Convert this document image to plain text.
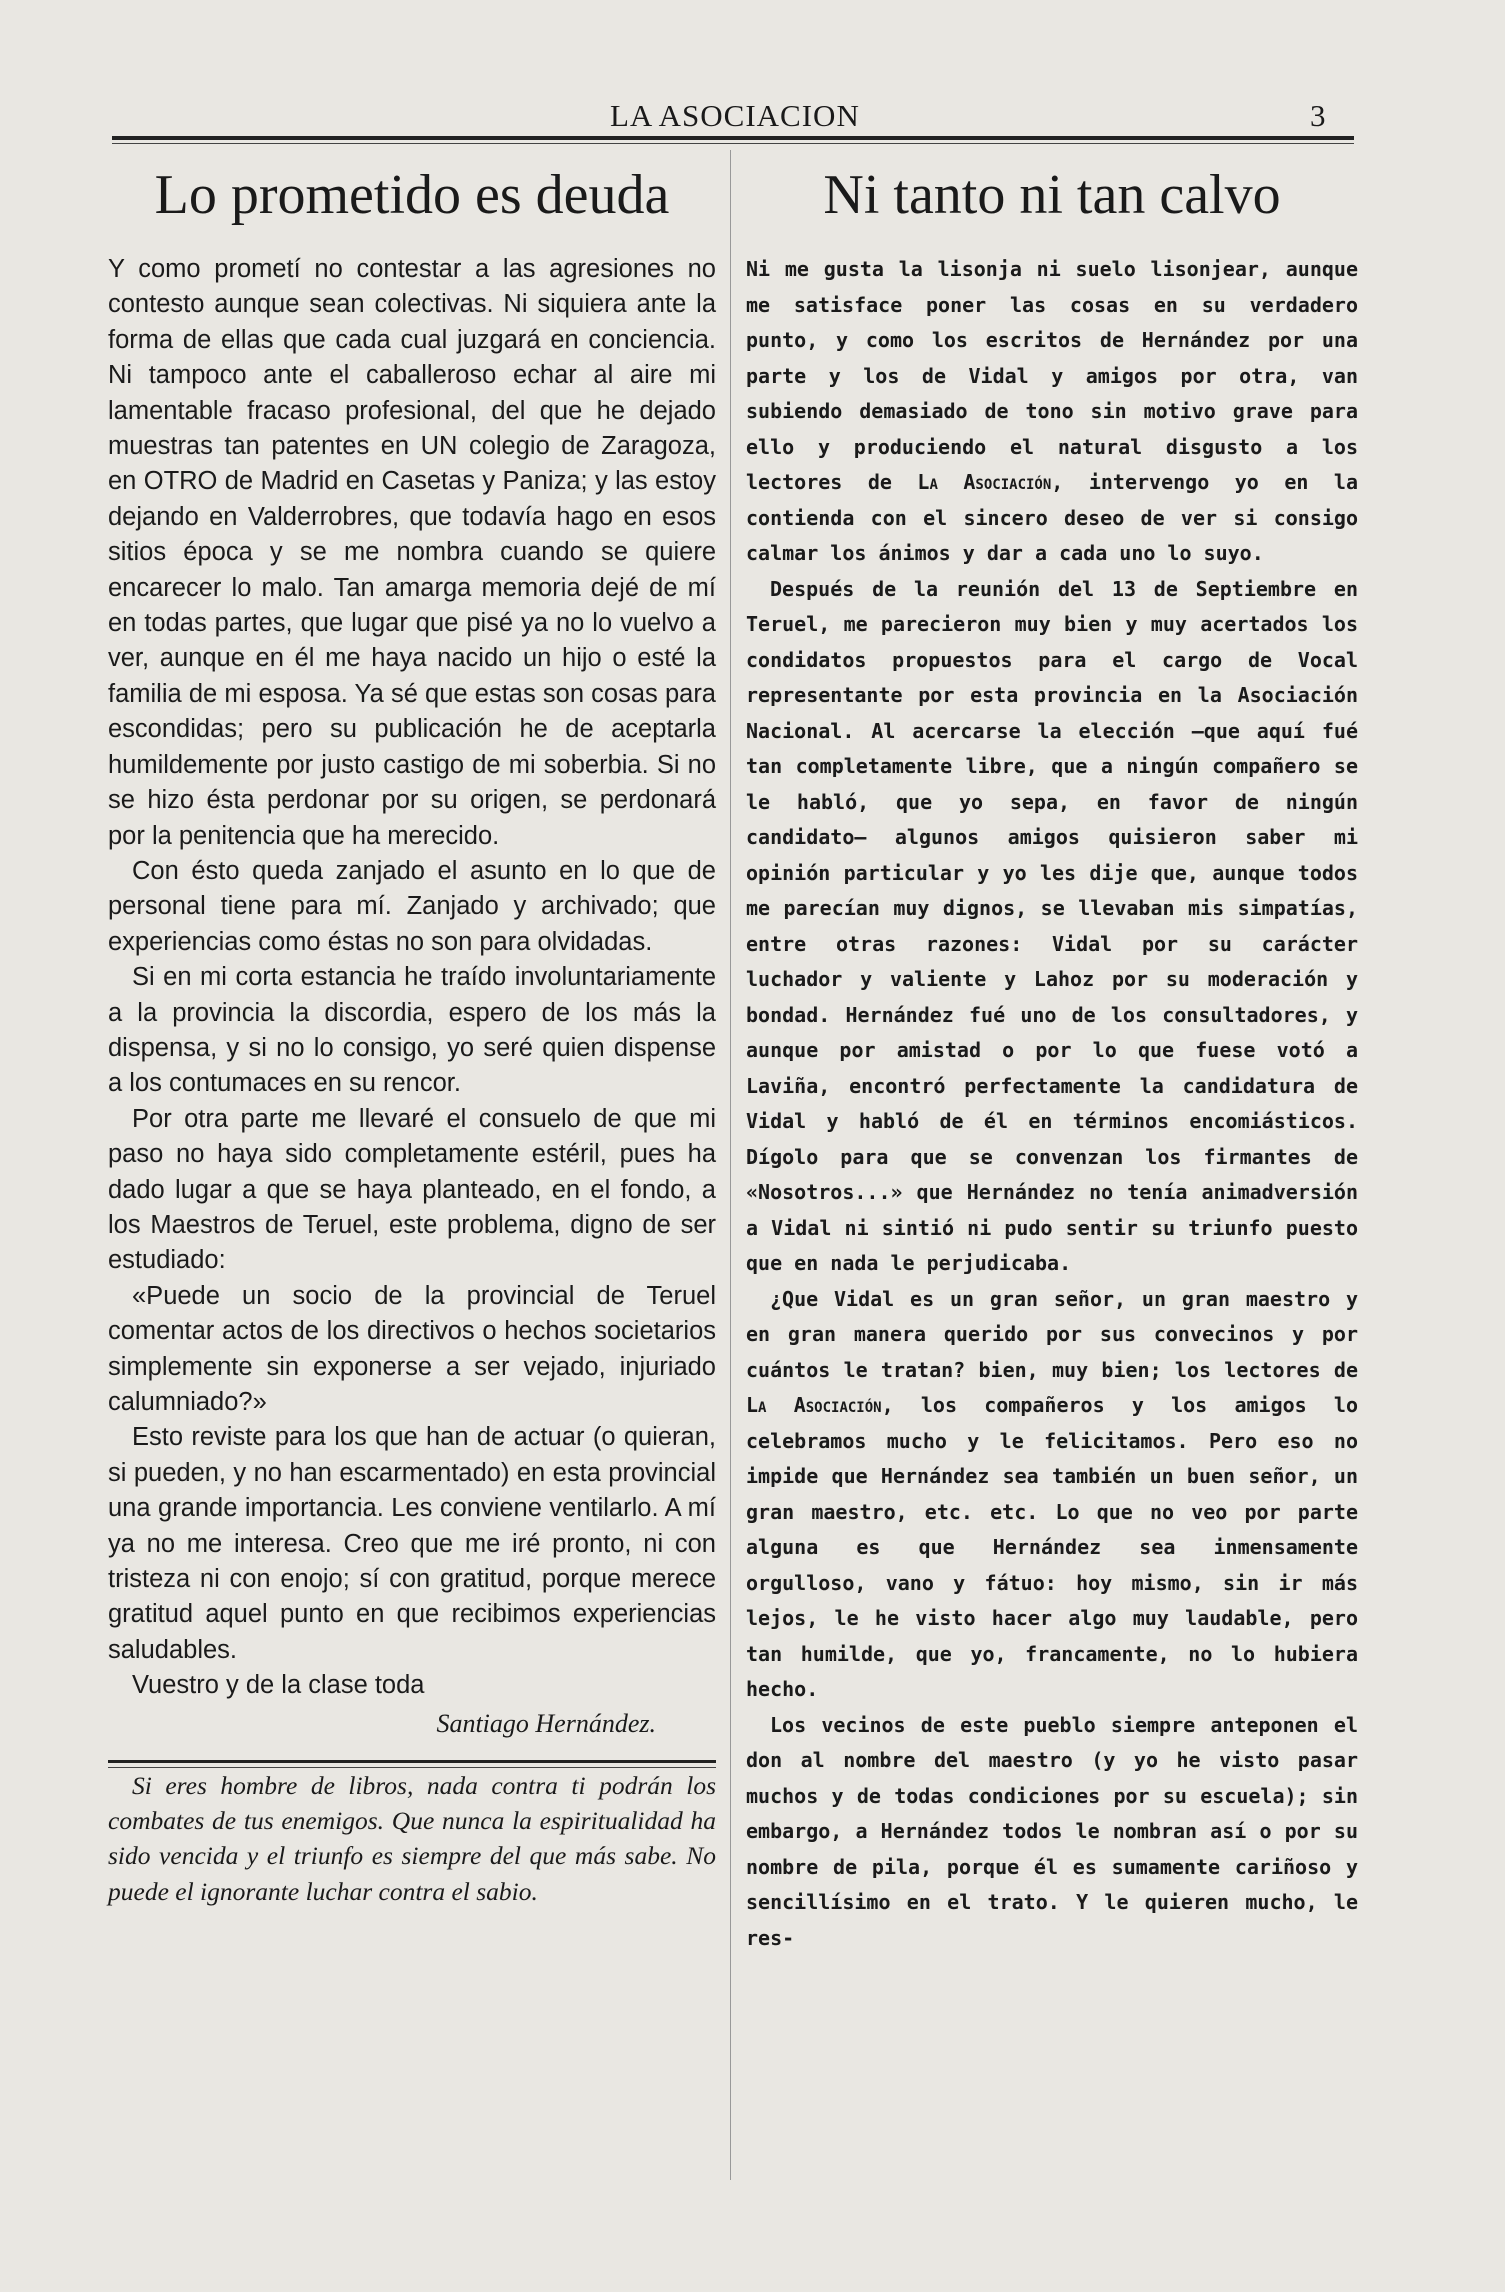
LA ASOCIACION	3
Lo prometido es deuda

Y como prometí no contestar a las agresiones no contesto aunque sean colectivas. Ni siquiera ante la forma de ellas que cada cual juzgará en conciencia. Ni tampoco ante el caballeroso echar al aire mi lamentable fracaso profesional, del que he dejado muestras tan patentes en UN colegio de Zaragoza, en OTRO de Madrid en Casetas y Paniza; y las estoy dejando en Valderrobres, que todavía hago en esos sitios época y se me nombra cuando se quiere encarecer lo malo. Tan amarga memoria dejé de mí en todas partes, que lugar que pisé ya no lo vuelvo a ver, aunque en él me haya nacido un hijo o esté la familia de mi esposa. Ya sé que estas son cosas para escondidas; pero su publicación he de aceptarla humildemente por justo castigo de mi soberbia. Si no se hizo ésta perdonar por su origen, se perdonará por la penitencia que ha merecido.

Con ésto queda zanjado el asunto en lo que de personal tiene para mí. Zanjado y archivado; que experiencias como éstas no son para olvidadas.

Si en mi corta estancia he traído involuntariamente a la provincia la discordia, espero de los más la dispensa, y si no lo consigo, yo seré quien dispense a los contumaces en su rencor.

Por otra parte me llevaré el consuelo de que mi paso no haya sido completamente estéril, pues ha dado lugar a que se haya planteado, en el fondo, a los Maestros de Teruel, este problema, digno de ser estudiado:

«Puede un socio de la provincial de Teruel comentar actos de los directivos o hechos societarios simplemente sin exponerse a ser vejado, injuriado calumniado?»

Esto reviste para los que han de actuar (o quieran, si pueden, y no han escarmentado) en esta provincial una grande importancia. Les conviene ventilarlo. A mí ya no me interesa. Creo que me iré pronto, ni con tristeza ni con enojo; sí con gratitud, porque merece gratitud aquel punto en que recibimos experiencias saludables.

Vuestro y de la clase toda

Santiago Hernández.

Si eres hombre de libros, nada contra ti podrán los combates de tus enemigos. Que nunca la espiritualidad ha sido vencida y el triunfo es siempre del que más sabe. No puede el ignorante luchar contra el sabio.

Ni tanto ni tan calvo

Ni me gusta la lisonja ni suelo lisonjear, aunque me satisface poner las cosas en su verdadero punto, y como los escritos de Hernández por una parte y los de Vidal y amigos por otra, van subiendo demasiado de tono sin motivo grave para ello y produciendo el natural disgusto a los lectores de La Asociación, intervengo yo en la contienda con el sincero deseo de ver si consigo calmar los ánimos y dar a cada uno lo suyo.

Después de la reunión del 13 de Septiembre en Teruel, me parecieron muy bien y muy acertados los condidatos propuestos para el cargo de Vocal representante por esta provincia en la Asociación Nacional. Al acercarse la elección —que aquí fué tan completamente libre, que a ningún compañero se le habló, que yo sepa, en favor de ningún candidato— algunos amigos quisieron saber mi opinión particular y yo les dije que, aunque todos me parecían muy dignos, se llevaban mis simpatías, entre otras razones: Vidal por su carácter luchador y valiente y Lahoz por su moderación y bondad. Hernández fué uno de los consultadores, y aunque por amistad o por lo que fuese votó a Laviña, encontró perfectamente la candidatura de Vidal y habló de él en términos encomiásticos. Dígolo para que se convenzan los firmantes de «Nosotros...» que Hernández no tenía animadversión a Vidal ni sintió ni pudo sentir su triunfo puesto que en nada le perjudicaba.

¿Que Vidal es un gran señor, un gran maestro y en gran manera querido por sus convecinos y por cuántos le tratan? bien, muy bien; los lectores de La Asociación, los compañeros y los amigos lo celebramos mucho y le felicitamos. Pero eso no impide que Hernández sea también un buen señor, un gran maestro, etc. etc. Lo que no veo por parte alguna es que Hernández sea inmensamente orgulloso, vano y fátuo: hoy mismo, sin ir más lejos, le he visto hacer algo muy laudable, pero tan humilde, que yo, francamente, no lo hubiera hecho.

Los vecinos de este pueblo siempre anteponen el don al nombre del maestro (y yo he visto pasar muchos y de todas condiciones por su escuela); sin embargo, a Hernández todos le nombran así o por su nombre de pila, porque él es sumamente cariñoso y sencillísimo en el trato. Y le quieren mucho, le res-
